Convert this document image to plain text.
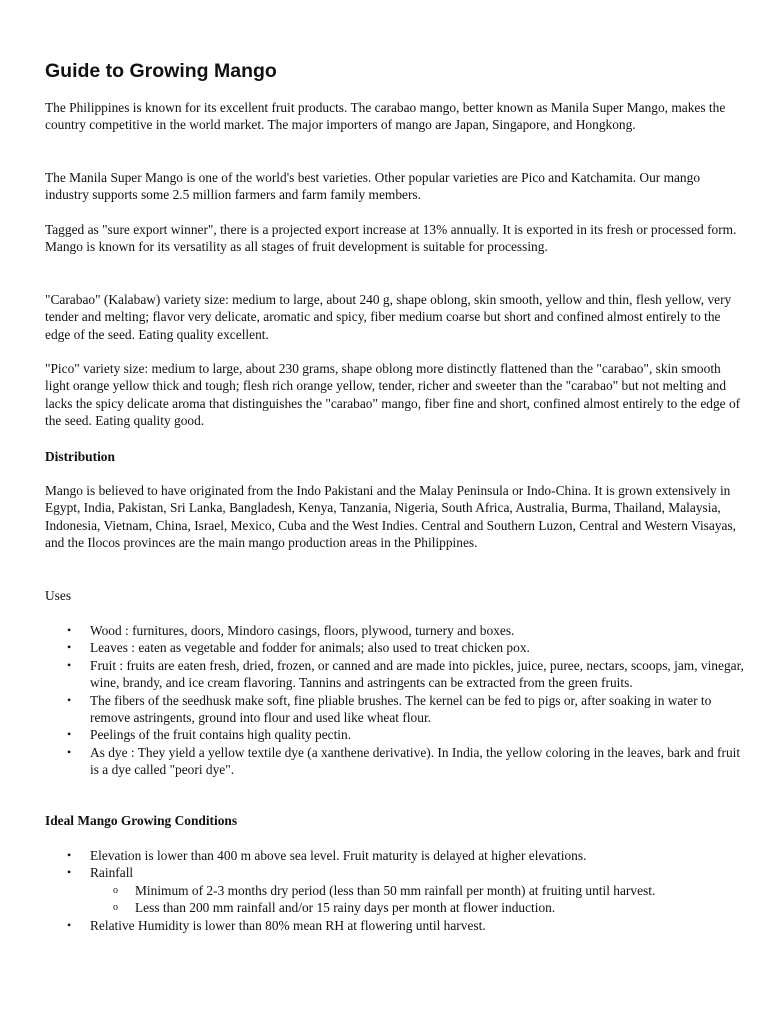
Guide to Growing Mango

The Philippines is known for its excellent fruit products. The carabao mango, better known as Manila Super Mango, makes the country competitive in the world market. The major importers of mango are Japan, Singapore, and Hongkong.

The Manila Super Mango is one of the world's best varieties. Other popular varieties are Pico and Katchamita. Our mango industry supports some 2.5 million farmers and farm family members.

Tagged as "sure export winner", there is a projected export increase at 13% annually. It is exported in its fresh or processed form. Mango is known for its versatility as all stages of fruit development is suitable for processing.

"Carabao" (Kalabaw) variety size: medium to large, about 240 g, shape oblong, skin smooth, yellow and thin, flesh yellow, very tender and melting; flavor very delicate, aromatic and spicy, fiber medium coarse but short and confined almost entirely to the edge of the seed. Eating quality excellent.

"Pico" variety size: medium to large, about 230 grams, shape oblong more distinctly flattened than the "carabao", skin smooth light orange yellow thick and tough; flesh rich orange yellow, tender, richer and sweeter than the "carabao" but not melting and lacks the spicy delicate aroma that distinguishes the "carabao" mango, fiber fine and short, confined almost entirely to the edge of the seed. Eating quality good.

Distribution

Mango is believed to have originated from the Indo Pakistani and the Malay Peninsula or Indo-China. It is grown extensively in Egypt, India, Pakistan, Sri Lanka, Bangladesh, Kenya, Tanzania, Nigeria, South Africa, Australia, Burma, Thailand, Malaysia, Indonesia, Vietnam, China, Israel, Mexico, Cuba and the West Indies. Central and Southern Luzon, Central and Western Visayas, and the Ilocos provinces are the main mango production areas in the Philippines.

Uses

• Wood : furnitures, doors, Mindoro casings, floors, plywood, turnery and boxes.
• Leaves : eaten as vegetable and fodder for animals; also used to treat chicken pox.
• Fruit : fruits are eaten fresh, dried, frozen, or canned and are made into pickles, juice, puree, nectars, scoops, jam, vinegar, wine, brandy, and ice cream flavoring. Tannins and astringents can be extracted from the green fruits.
• The fibers of the seedhusk make soft, fine pliable brushes. The kernel can be fed to pigs or, after soaking in water to remove astringents, ground into flour and used like wheat flour.
• Peelings of the fruit contains high quality pectin.
• As dye : They yield a yellow textile dye (a xanthene derivative). In India, the yellow coloring in the leaves, bark and fruit is a dye called "peori dye".

Ideal Mango Growing Conditions

• Elevation is lower than 400 m above sea level. Fruit maturity is delayed at higher elevations.
• Rainfall
o Minimum of 2-3 months dry period (less than 50 mm rainfall per month) at fruiting until harvest.
o Less than 200 mm rainfall and/or 15 rainy days per month at flower induction.
• Relative Humidity is lower than 80% mean RH at flowering until harvest.
